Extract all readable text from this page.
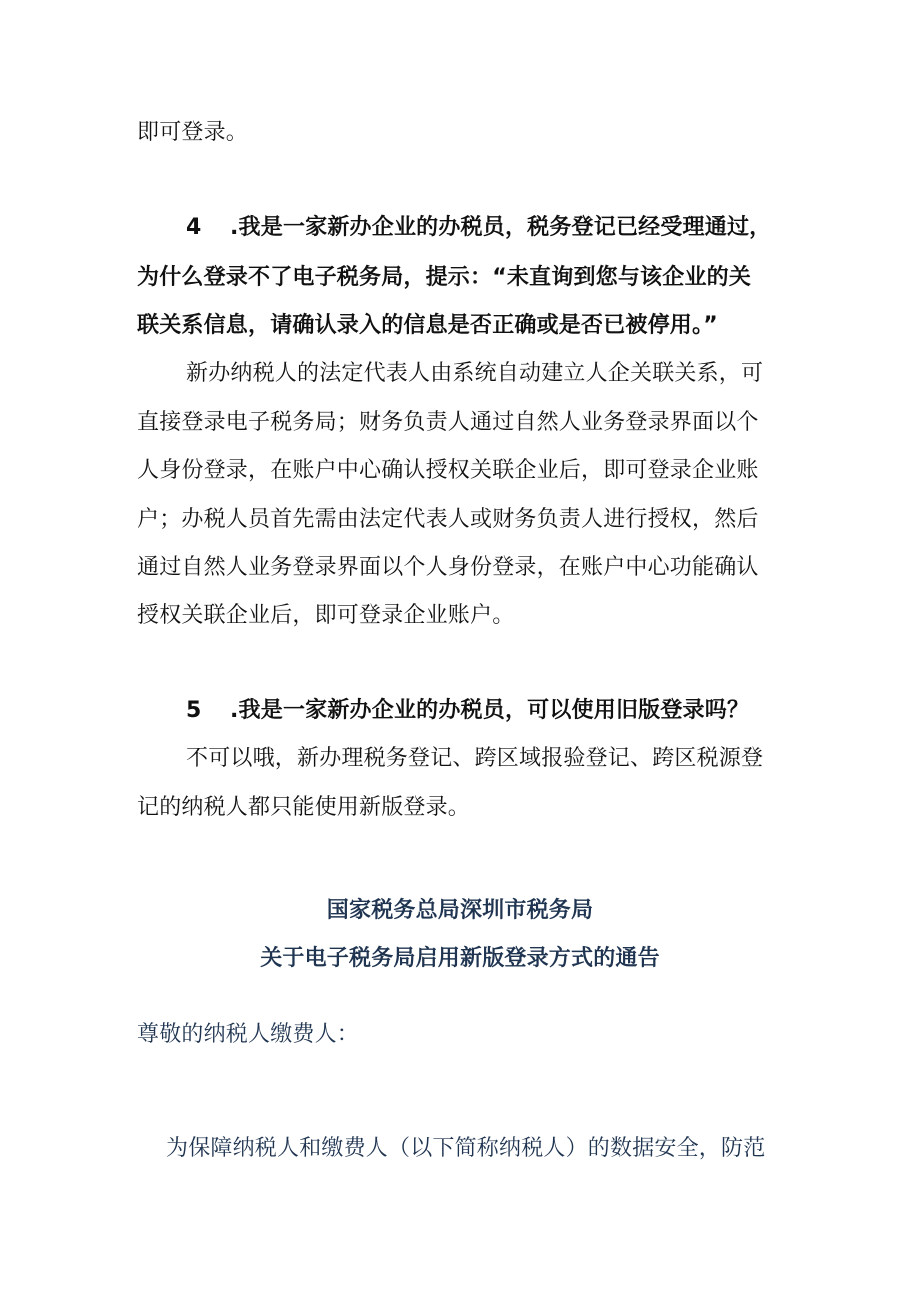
即可登录。
4 .我是一家新办企业的办税员，税务登记已经受理通过，
为什么登录不了电子税务局，提示：“未直询到您与该企业的关
联关系信息，请确认录入的信息是否正确或是否已被停用。”
新办纳税人的法定代表人由系统自动建立人企关联关系，可
直接登录电子税务局；财务负责人通过自然人业务登录界面以个
人身份登录，在账户中心确认授权关联企业后，即可登录企业账
户；办税人员首先需由法定代表人或财务负责人进行授权，然后
通过自然人业务登录界面以个人身份登录，在账户中心功能确认
授权关联企业后，即可登录企业账户。
5 .我是一家新办企业的办税员，可以使用旧版登录吗？
不可以哦，新办理税务登记、跨区域报验登记、跨区税源登
记的纳税人都只能使用新版登录。
国家税务总局深圳市税务局
关于电子税务局启用新版登录方式的通告
尊敬的纳税人缴费人：
为保障纳税人和缴费人（以下简称纳税人）的数据安全，防范
